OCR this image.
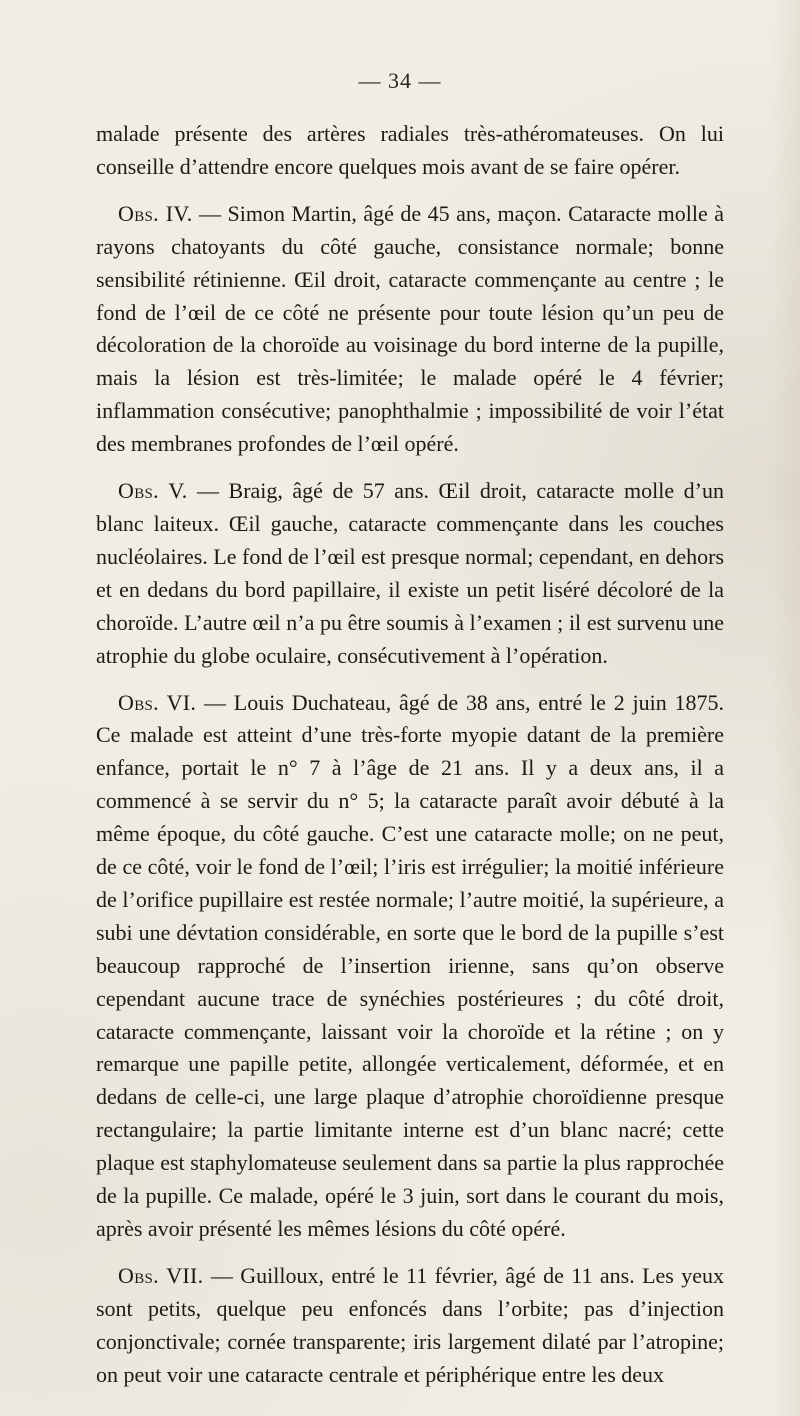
— 34 —

malade présente des artères radiales très-athéromateuses. On lui conseille d’attendre encore quelques mois avant de se faire opérer.

Obs. IV. — Simon Martin, âgé de 45 ans, maçon. Cataracte molle à rayons chatoyants du côté gauche, consistance normale; bonne sensibilité rétinienne. Œil droit, cataracte commençante au centre ; le fond de l’œil de ce côté ne présente pour toute lésion qu’un peu de décoloration de la choroïde au voisinage du bord interne de la pupille, mais la lésion est très-limitée; le malade opéré le 4 février; inflammation consécutive; panophthalmie ; impossibilité de voir l’état des membranes profondes de l’œil opéré.

Obs. V. — Braig, âgé de 57 ans. Œil droit, cataracte molle d’un blanc laiteux. Œil gauche, cataracte commençante dans les couches nucléolaires. Le fond de l’œil est presque normal; cependant, en dehors et en dedans du bord papillaire, il existe un petit liséré décoloré de la choroïde. L’autre œil n’a pu être soumis à l’examen ; il est survenu une atrophie du globe oculaire, consécutivement à l’opération.

Obs. VI. — Louis Duchateau, âgé de 38 ans, entré le 2 juin 1875. Ce malade est atteint d’une très-forte myopie datant de la première enfance, portait le n° 7 à l’âge de 21 ans. Il y a deux ans, il a commencé à se servir du n° 5; la cataracte paraît avoir débuté à la même époque, du côté gauche. C’est une cataracte molle; on ne peut, de ce côté, voir le fond de l’œil; l’iris est irrégulier; la moitié inférieure de l’orifice pupillaire est restée normale; l’autre moitié, la supérieure, a subi une dévtation considérable, en sorte que le bord de la pupille s’est beaucoup rapproché de l’insertion irienne, sans qu’on observe cependant aucune trace de synéchies postérieures ; du côté droit, cataracte commençante, laissant voir la choroïde et la rétine ; on y remarque une papille petite, allongée verticalement, déformée, et en dedans de celle-ci, une large plaque d’atrophie choroïdienne presque rectangulaire; la partie limitante interne est d’un blanc nacré; cette plaque est staphylomateuse seulement dans sa partie la plus rapprochée de la pupille. Ce malade, opéré le 3 juin, sort dans le courant du mois, après avoir présenté les mêmes lésions du côté opéré.

Obs. VII. — Guilloux, entré le 11 février, âgé de 11 ans. Les yeux sont petits, quelque peu enfoncés dans l’orbite; pas d’injection conjonctivale; cornée transparente; iris largement dilaté par l’atropine; on peut voir une cataracte centrale et périphérique entre les deux
